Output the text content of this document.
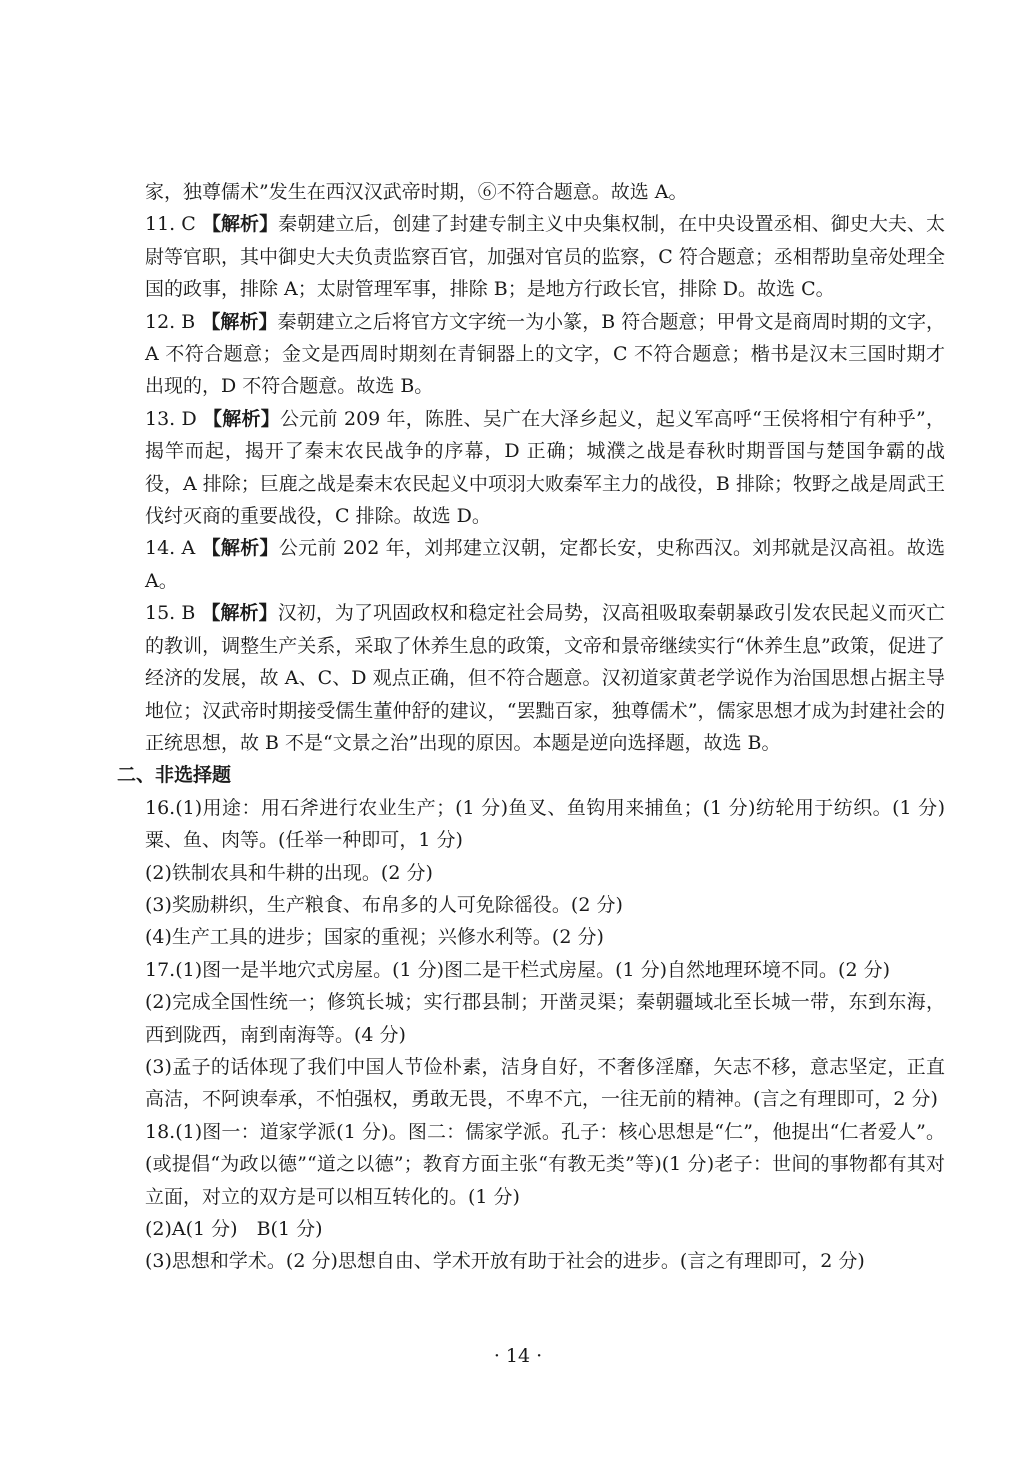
家，独尊儒术”发生在西汉汉武帝时期，⑥不符合题意。故选 A。

11. C 【解析】秦朝建立后，创建了封建专制主义中央集权制，在中央设置丞相、御史大夫、太尉等官职，其中御史大夫负责监察百官，加强对官员的监察，C 符合题意；丞相帮助皇帝处理全国的政事，排除 A；太尉管理军事，排除 B；是地方行政长官，排除 D。故选 C。

12. B 【解析】秦朝建立之后将官方文字统一为小篆，B 符合题意；甲骨文是商周时期的文字，A 不符合题意；金文是西周时期刻在青铜器上的文字，C 不符合题意；楷书是汉末三国时期才出现的，D 不符合题意。故选 B。

13. D 【解析】公元前 209 年，陈胜、吴广在大泽乡起义，起义军高呼“王侯将相宁有种乎”，揭竿而起，揭开了秦末农民战争的序幕，D 正确；城濮之战是春秋时期晋国与楚国争霸的战役，A 排除；巨鹿之战是秦末农民起义中项羽大败秦军主力的战役，B 排除；牧野之战是周武王伐纣灭商的重要战役，C 排除。故选 D。

14. A 【解析】公元前 202 年，刘邦建立汉朝，定都长安，史称西汉。刘邦就是汉高祖。故选 A。

15. B 【解析】汉初，为了巩固政权和稳定社会局势，汉高祖吸取秦朝暴政引发农民起义而灭亡的教训，调整生产关系，采取了休养生息的政策，文帝和景帝继续实行“休养生息”政策，促进了经济的发展，故 A、C、D 观点正确，但不符合题意。汉初道家黄老学说作为治国思想占据主导地位；汉武帝时期接受儒生董仲舒的建议，“罢黜百家，独尊儒术”，儒家思想才成为封建社会的正统思想，故 B 不是“文景之治”出现的原因。本题是逆向选择题，故选 B。

二、非选择题

16.(1)用途：用石斧进行农业生产；(1 分)鱼叉、鱼钩用来捕鱼；(1 分)纺轮用于纺织。(1 分)粟、鱼、肉等。(任举一种即可，1 分)

(2)铁制农具和牛耕的出现。(2 分)

(3)奖励耕织，生产粮食、布帛多的人可免除徭役。(2 分)

(4)生产工具的进步；国家的重视；兴修水利等。(2 分)

17.(1)图一是半地穴式房屋。(1 分)图二是干栏式房屋。(1 分)自然地理环境不同。(2 分)

(2)完成全国性统一；修筑长城；实行郡县制；开凿灵渠；秦朝疆域北至长城一带，东到东海，西到陇西，南到南海等。(4 分)

(3)孟子的话体现了我们中国人节俭朴素，洁身自好，不奢侈淫靡，矢志不移，意志坚定，正直高洁，不阿谀奉承，不怕强权，勇敢无畏，不卑不亢，一往无前的精神。(言之有理即可，2 分)

18.(1)图一：道家学派(1 分)。图二：儒家学派。孔子：核心思想是“仁”，他提出“仁者爱人”。(或提倡“为政以德”“道之以德”；教育方面主张“有教无类”等)(1 分)老子：世间的事物都有其对立面，对立的双方是可以相互转化的。(1 分)

(2)A(1 分)　B(1 分)

(3)思想和学术。(2 分)思想自由、学术开放有助于社会的进步。(言之有理即可，2 分)

· 14 ·
